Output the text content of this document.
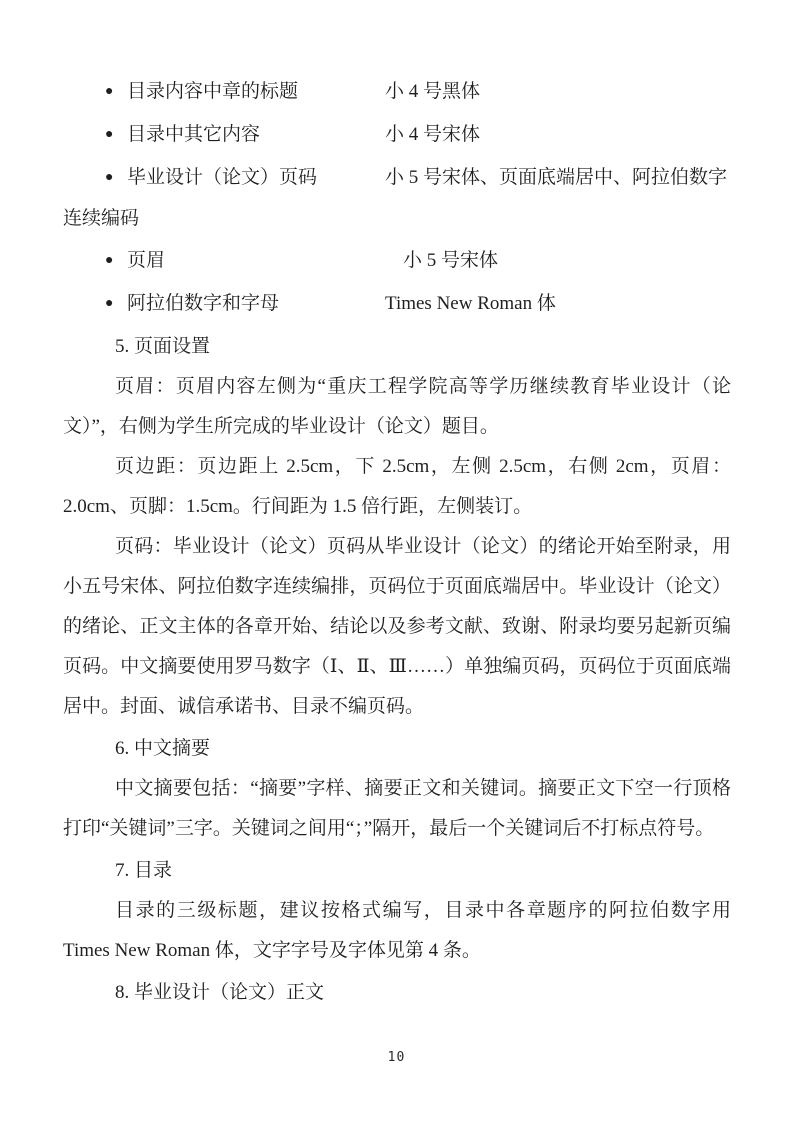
● 目录内容中章的标题	小 4 号黑体
● 目录中其它内容	小 4 号宋体
● 毕业设计（论文）页码	小 5 号宋体、页面底端居中、阿拉伯数字
连续编码
● 页眉	小 5 号宋体
● 阿拉伯数字和字母	Times New Roman 体
5. 页面设置

页眉：页眉内容左侧为“重庆工程学院高等学历继续教育毕业设计（论文）”，右侧为学生所完成的毕业设计（论文）题目。

页边距：页边距上 2.5cm，下 2.5cm，左侧 2.5cm，右侧 2cm，页眉：2.0cm、页脚：1.5cm。行间距为 1.5 倍行距，左侧装订。

页码：毕业设计（论文）页码从毕业设计（论文）的绪论开始至附录，用小五号宋体、阿拉伯数字连续编排，页码位于页面底端居中。毕业设计（论文）的绪论、正文主体的各章开始、结论以及参考文献、致谢、附录均要另起新页编页码。中文摘要使用罗马数字（Ⅰ、Ⅱ、Ⅲ……）单独编页码，页码位于页面底端居中。封面、诚信承诺书、目录不编页码。

6. 中文摘要

中文摘要包括：“摘要”字样、摘要正文和关键词。摘要正文下空一行顶格打印“关键词”三字。关键词之间用“；”隔开，最后一个关键词后不打标点符号。

7. 目录

目录的三级标题，建议按格式编写，目录中各章题序的阿拉伯数字用 Times New Roman 体，文字字号及字体见第 4 条。

8. 毕业设计（论文）正文
10
